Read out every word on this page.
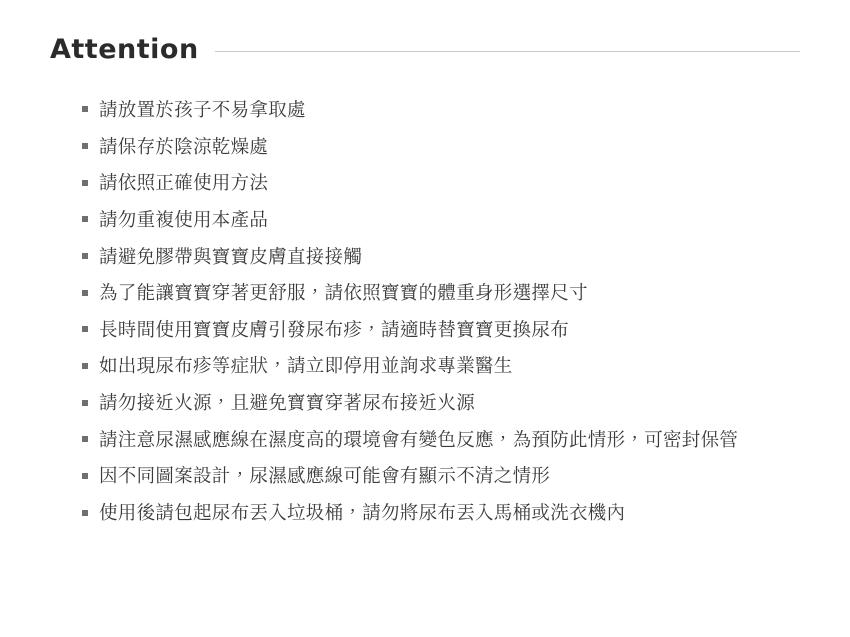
Attention
請放置於孩子不易拿取處
請保存於陰涼乾燥處
請依照正確使用方法
請勿重複使用本產品
請避免膠帶與寶寶皮膚直接接觸
為了能讓寶寶穿著更舒服，請依照寶寶的體重身形選擇尺寸
長時間使用寶寶皮膚引發尿布疹，請適時替寶寶更換尿布
如出現尿布疹等症狀，請立即停用並詢求專業醫生
請勿接近火源，且避免寶寶穿著尿布接近火源
請注意尿濕感應線在濕度高的環境會有變色反應，為預防此情形，可密封保管
因不同圖案設計，尿濕感應線可能會有顯示不清之情形
使用後請包起尿布丟入垃圾桶，請勿將尿布丟入馬桶或洗衣機內
